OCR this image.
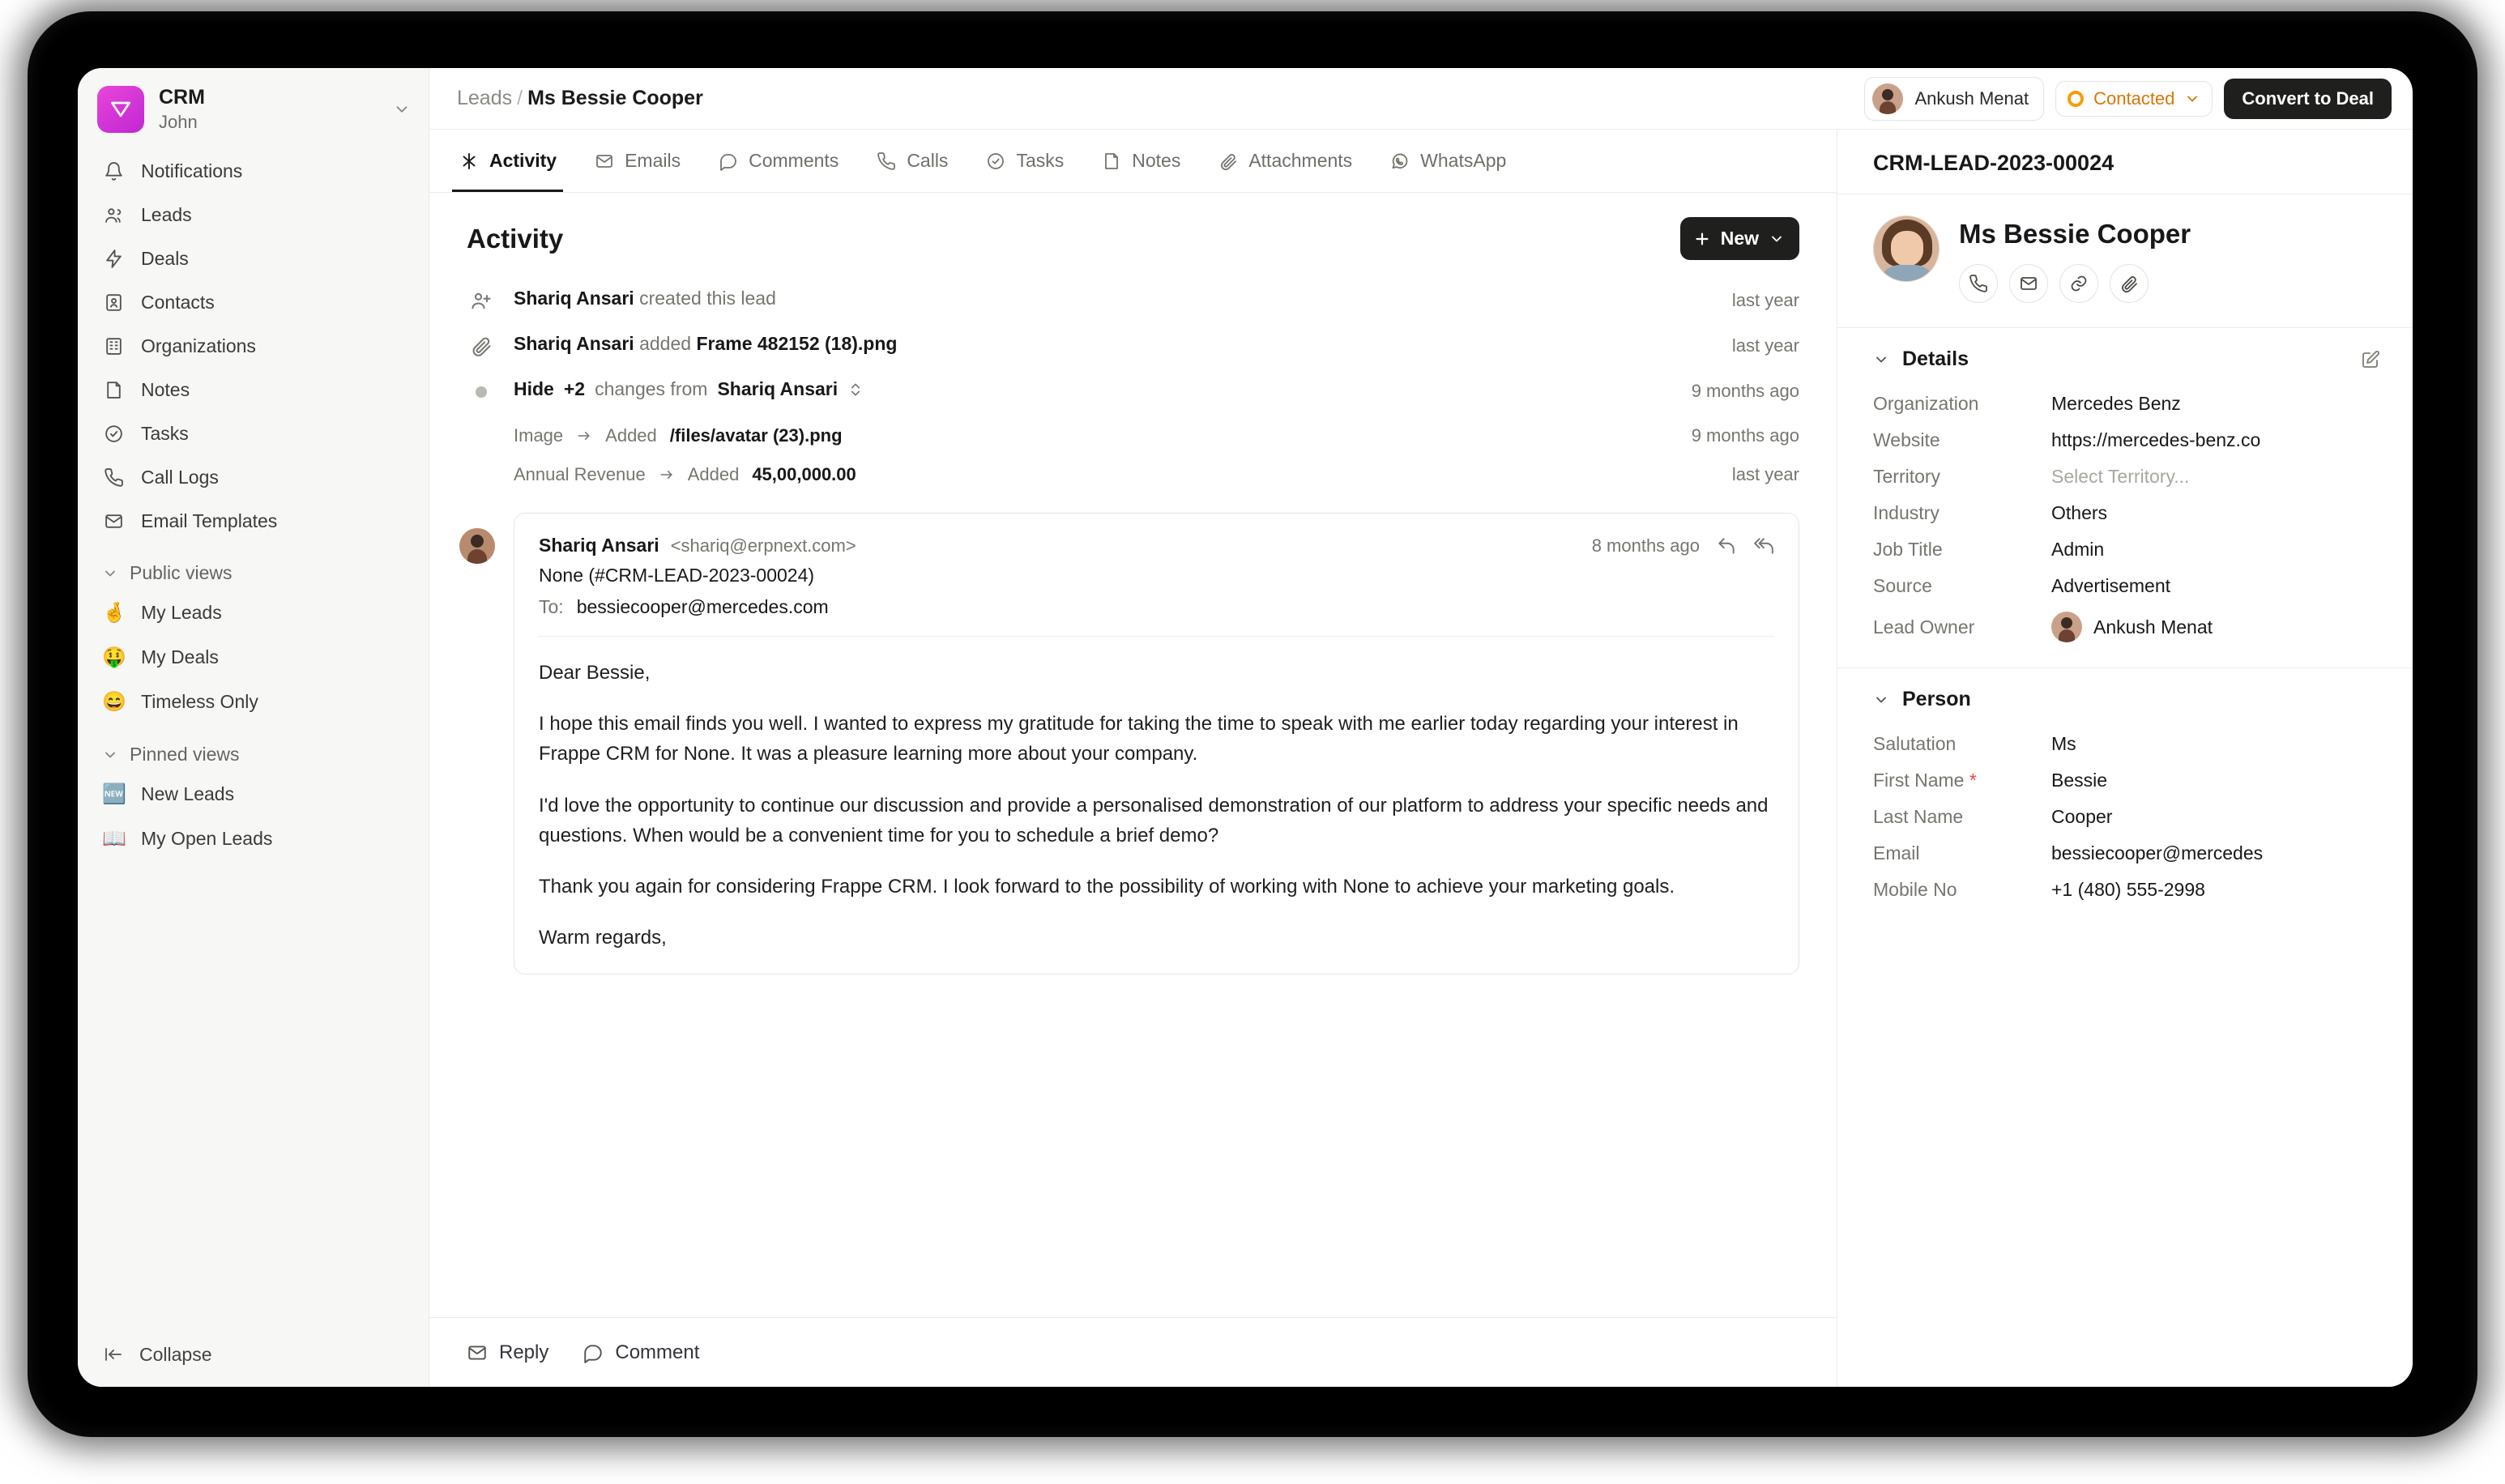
CRM
John
Notifications
Leads
Deals
Contacts
Organizations
Notes
Tasks
Call Logs
Email Templates
Public views
🤞 My Leads
🤑 My Deals
😄 Timeless Only
Pinned views
🆕 New Leads
📖 My Open Leads
Collapse
Leads / Ms Bessie Cooper	Ankush Menat	Contacted	Convert to Deal
Activity	Emails	Comments	Calls	Tasks	Notes	Attachments	WhatsApp
Activity	New
Shariq Ansari created this lead	last year
Shariq Ansari added Frame 482152 (18).png	last year
Hide +2 changes from Shariq Ansari	9 months ago
Image Added /files/avatar (23).png	9 months ago
Annual Revenue Added 45,00,000.00	last year
Shariq Ansari <shariq@erpnext.com>	8 months ago
None (#CRM-LEAD-2023-00024)
To: bessiecooper@mercedes.com

Dear Bessie,

I hope this email finds you well. I wanted to express my gratitude for taking the time to speak with me earlier today regarding your interest in Frappe CRM for None. It was a pleasure learning more about your company.

I'd love the opportunity to continue our discussion and provide a personalised demonstration of our platform to address your specific needs and questions. When would be a convenient time for you to schedule a brief demo?

Thank you again for considering Frappe CRM. I look forward to the possibility of working with None to achieve your marketing goals.

Warm regards,

Reply	Comment
CRM-LEAD-2023-00024
Ms Bessie Cooper
Details
Organization	Mercedes Benz
Website	https://mercedes-benz.co
Territory	Select Territory...
Industry	Others
Job Title	Admin
Source	Advertisement
Lead Owner	Ankush Menat
Person
Salutation	Ms
First Name *	Bessie
Last Name	Cooper
Email	bessiecooper@mercedes
Mobile No	+1 (480) 555-2998
